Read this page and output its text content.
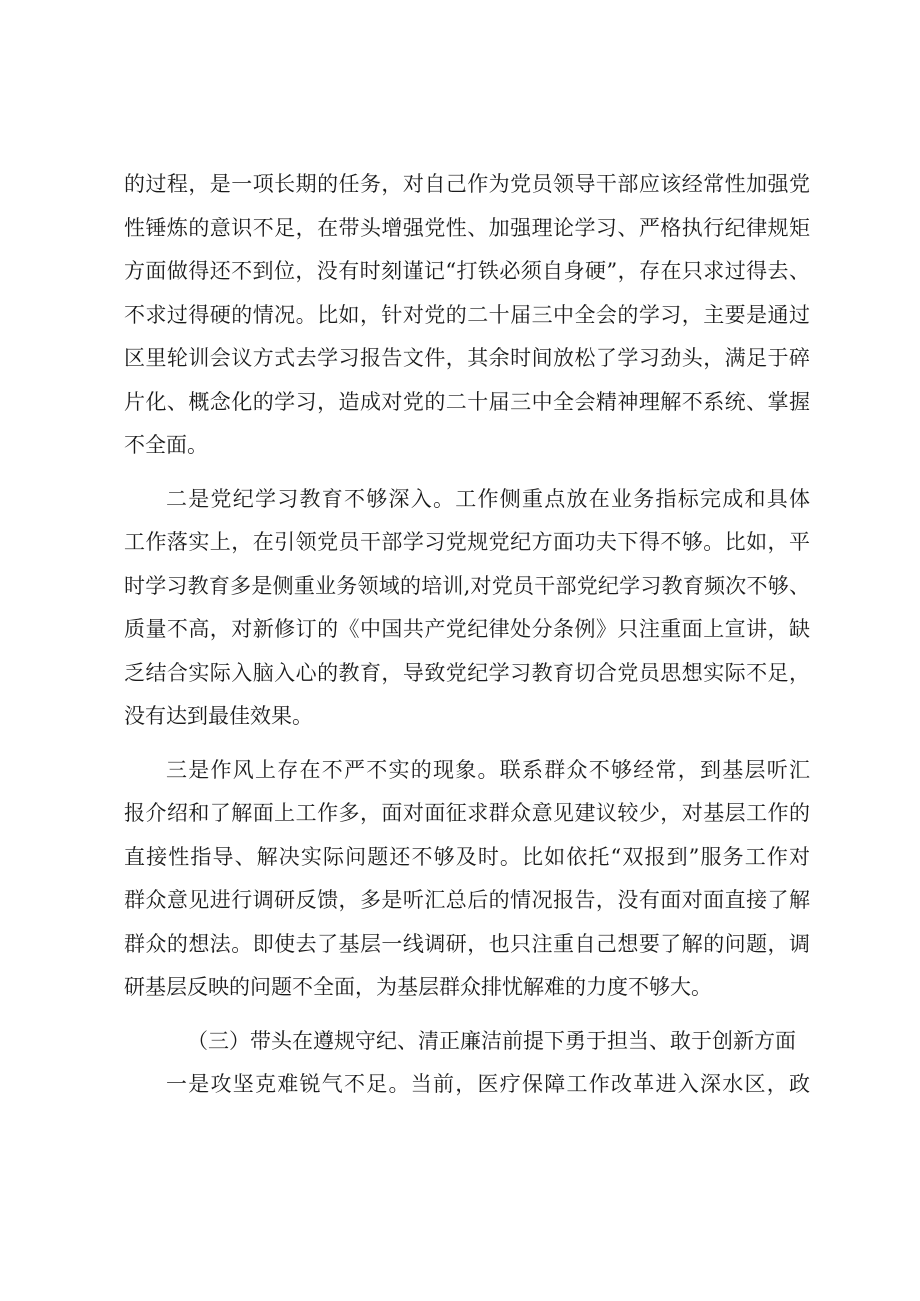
的过程，是一项长期的任务，对自己作为党员领导干部应该经常性加强党
性锤炼的意识不足，在带头增强党性、加强理论学习、严格执行纪律规矩
方面做得还不到位，没有时刻谨记“打铁必须自身硬”，存在只求过得去、
不求过得硬的情况。比如，针对党的二十届三中全会的学习，主要是通过
区里轮训会议方式去学习报告文件，其余时间放松了学习劲头，满足于碎
片化、概念化的学习，造成对党的二十届三中全会精神理解不系统、掌握
不全面。
二是党纪学习教育不够深入。工作侧重点放在业务指标完成和具体
工作落实上，在引领党员干部学习党规党纪方面功夫下得不够。比如，平
时学习教育多是侧重业务领域的培训,对党员干部党纪学习教育频次不够、
质量不高，对新修订的《中国共产党纪律处分条例》只注重面上宣讲，缺
乏结合实际入脑入心的教育，导致党纪学习教育切合党员思想实际不足，
没有达到最佳效果。
三是作风上存在不严不实的现象。联系群众不够经常，到基层听汇
报介绍和了解面上工作多，面对面征求群众意见建议较少，对基层工作的
直接性指导、解决实际问题还不够及时。比如依托“双报到”服务工作对
群众意见进行调研反馈，多是听汇总后的情况报告，没有面对面直接了解
群众的想法。即使去了基层一线调研，也只注重自己想要了解的问题，调
研基层反映的问题不全面，为基层群众排忧解难的力度不够大。
（三）带头在遵规守纪、清正廉洁前提下勇于担当、敢于创新方面
一是攻坚克难锐气不足。当前，医疗保障工作改革进入深水区，政
